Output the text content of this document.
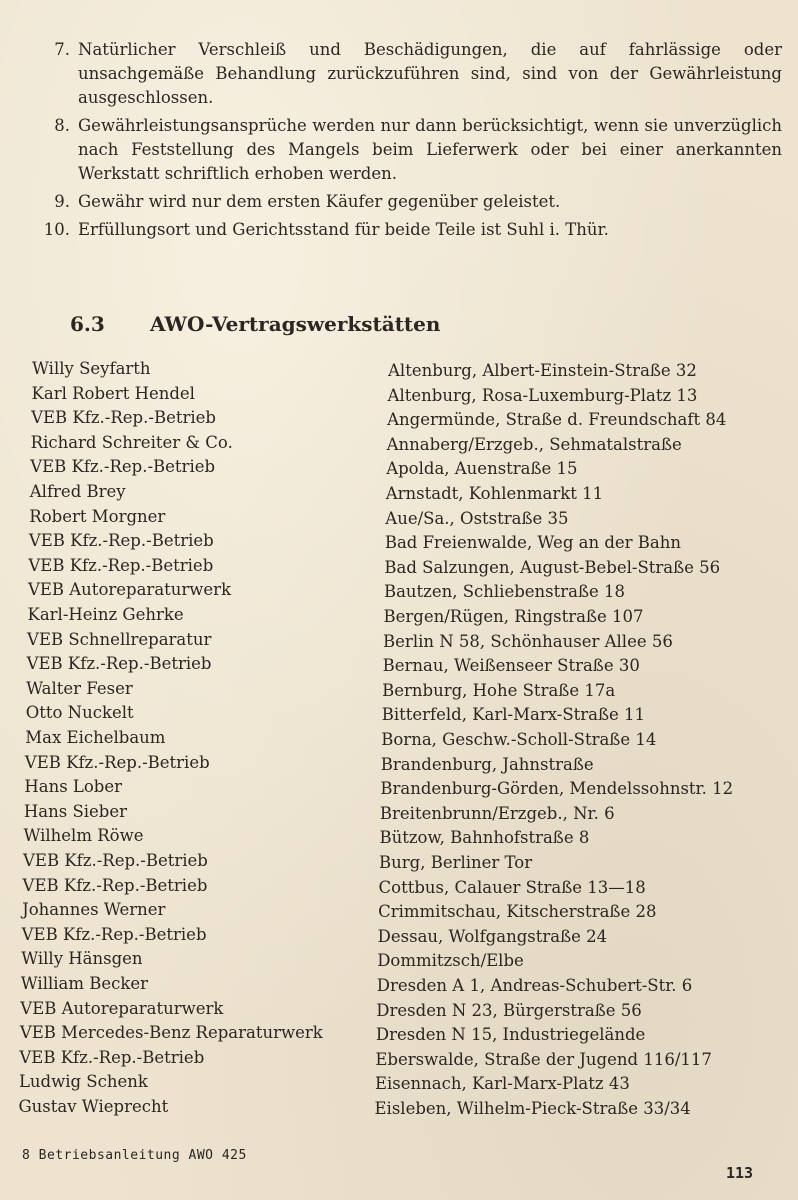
7. Natürlicher Verschleiß und Beschädigungen, die auf fahrlässige oder unsachgemäße Behandlung zurückzuführen sind, sind von der Gewährleistung ausgeschlossen.
8. Gewährleistungsansprüche werden nur dann berücksichtigt, wenn sie unverzüglich nach Feststellung des Mangels beim Lieferwerk oder bei einer anerkannten Werkstatt schriftlich erhoben werden.
9. Gewähr wird nur dem ersten Käufer gegenüber geleistet.
10. Erfüllungsort und Gerichtsstand für beide Teile ist Suhl i. Thür.
6.3 AWO-Vertragswerkstätten
Willy Seyfarth	Altenburg, Albert-Einstein-Straße 32
Karl Robert Hendel	Altenburg, Rosa-Luxemburg-Platz 13
VEB Kfz.-Rep.-Betrieb	Angermünde, Straße d. Freundschaft 84
Richard Schreiter & Co.	Annaberg/Erzgeb., Sehmatalstraße
VEB Kfz.-Rep.-Betrieb	Apolda, Auenstraße 15
Alfred Brey	Arnstadt, Kohlenmarkt 11
Robert Morgner	Aue/Sa., Oststraße 35
VEB Kfz.-Rep.-Betrieb	Bad Freienwalde, Weg an der Bahn
VEB Kfz.-Rep.-Betrieb	Bad Salzungen, August-Bebel-Straße 56
VEB Autoreparaturwerk	Bautzen, Schliebenstraße 18
Karl-Heinz Gehrke	Bergen/Rügen, Ringstraße 107
VEB Schnellreparatur	Berlin N 58, Schönhauser Allee 56
VEB Kfz.-Rep.-Betrieb	Bernau, Weißenseer Straße 30
Walter Feser	Bernburg, Hohe Straße 17a
Otto Nuckelt	Bitterfeld, Karl-Marx-Straße 11
Max Eichelbaum	Borna, Geschw.-Scholl-Straße 14
VEB Kfz.-Rep.-Betrieb	Brandenburg, Jahnstraße
Hans Lober	Brandenburg-Görden, Mendelssohnstr. 12
Hans Sieber	Breitenbrunn/Erzgeb., Nr. 6
Wilhelm Röwe	Bützow, Bahnhofstraße 8
VEB Kfz.-Rep.-Betrieb	Burg, Berliner Tor
VEB Kfz.-Rep.-Betrieb	Cottbus, Calauer Straße 13—18
Johannes Werner	Crimmitschau, Kitscherstraße 28
VEB Kfz.-Rep.-Betrieb	Dessau, Wolfgangstraße 24
Willy Hänsgen	Dommitzsch/Elbe
William Becker	Dresden A 1, Andreas-Schubert-Str. 6
VEB Autoreparaturwerk	Dresden N 23, Bürgerstraße 56
VEB Mercedes-Benz Reparaturwerk	Dresden N 15, Industriegelände
VEB Kfz.-Rep.-Betrieb	Eberswalde, Straße der Jugend 116/117
Ludwig Schenk	Eisennach, Karl-Marx-Platz 43
Gustav Wieprecht	Eisleben, Wilhelm-Pieck-Straße 33/34
8 Betriebsanleitung AWO 425
113
